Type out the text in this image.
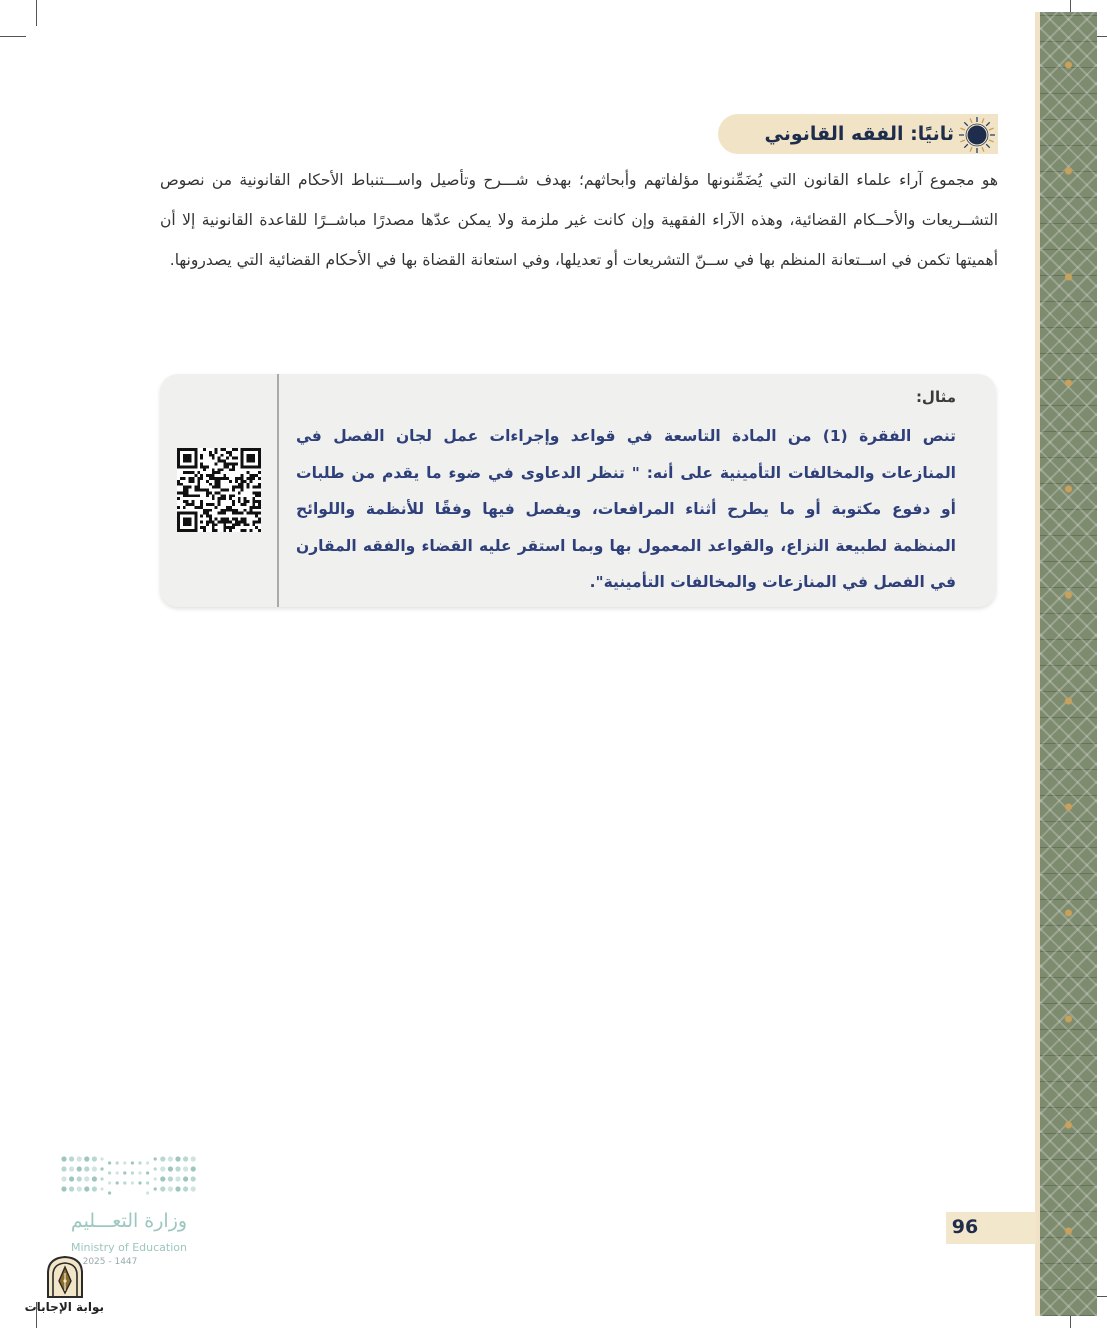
ثانيًا: الفقه القانوني

هو مجموع آراء علماء القانون التي يُضَمِّنونها مؤلفاتهم وأبحاثهم؛ بهدف شـــرح وتأصيل واســـتنباط الأحكام القانونية من نصوص التشــريعات والأحــكام القضائية، وهذه الآراء الفقهية وإن كانت غير ملزمة ولا يمكن عدّها مصدرًا مباشــرًا للقاعدة القانونية إلا أن أهميتها تكمن في اســتعانة المنظم بها في ســنّ التشريعات أو تعديلها، وفي استعانة القضاة بها في الأحكام القضائية التي يصدرونها.

مثال:

تنص الفقرة (1) من المادة التاسعة في قواعد وإجراءات عمل لجان الفصل في المنازعات والمخالفات التأمينية على أنه: " تنظر الدعاوى في ضوء ما يقدم من طلبات أو دفوع مكتوبة أو ما يطرح أثناء المرافعات، ويفصل فيها وفقًا للأنظمة واللوائح المنظمة لطبيعة النزاع، والقواعد المعمول بها وبما استقر عليه القضاء والفقه المقارن في الفصل في المنازعات والمخالفات التأمينية".

96
وزارة التعـــليم
Ministry of Education
2025 - 1447
بوابة الإجابات
